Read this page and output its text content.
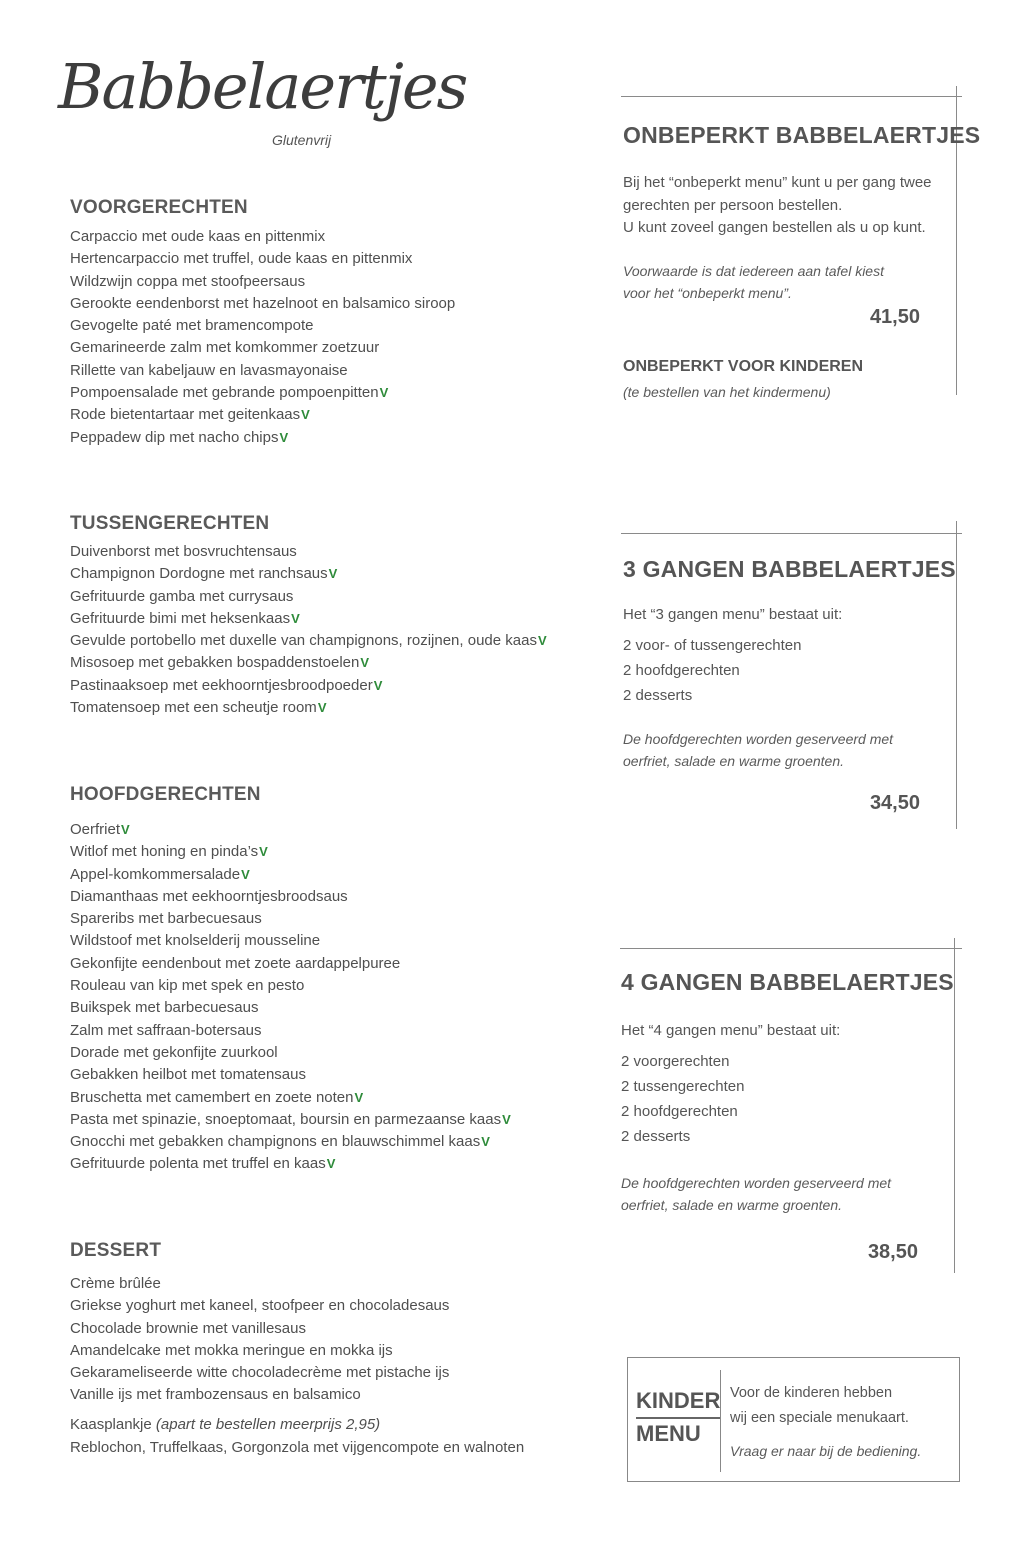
Babbelaertjes
Glutenvrij
VOORGERECHTEN
Carpaccio met oude kaas en pittenmix
Hertencarpaccio met truffel, oude kaas en pittenmix
Wildzwijn coppa met stoofpeersaus
Gerookte eendenborst met hazelnoot en balsamico siroop
Gevogelte paté met bramencompote
Gemarineerde zalm met komkommer zoetzuur
Rillette van kabeljauw en lavasmayonaise
Pompoensalade met gebrande pompoenpittenV
Rode bietentartaar met geitenkaasV
Peppadew dip met nacho chipsV
TUSSENGERECHTEN
Duivenborst met bosvruchtensaus
Champignon Dordogne met ranchsausV
Gefrituurde gamba met currysaus
Gefrituurde bimi met heksenkaasV
Gevulde portobello met duxelle van champignons, rozijnen, oude kaasV
Misosoep met gebakken bospaddenstoelenV
Pastinaaksoep met eekhoorntjesbroodpoederV
Tomatensoep met een scheutje roomV
HOOFDGERECHTEN
OerfrietV
Witlof met honing en pinda’sV
Appel-komkommersaladeV
Diamanthaas met eekhoorntjesbroodsaus
Spareribs met barbecuesaus
Wildstoof met knolselderij mousseline
Gekonfijte eendenbout met zoete aardappelpuree
Rouleau van kip met spek en pesto
Buikspek met barbecuesaus
Zalm met saffraan-botersaus
Dorade met gekonfijte zuurkool
Gebakken heilbot met tomatensaus
Bruschetta met camembert en zoete notenV
Pasta met spinazie, snoeptomaat, boursin en parmezaanse kaasV
Gnocchi met gebakken champignons en blauwschimmel kaasV
Gefrituurde polenta met truffel en kaasV
DESSERT
Crème brûlée
Griekse yoghurt met kaneel, stoofpeer en chocoladesaus
Chocolade brownie met vanillesaus
Amandelcake met mokka meringue en mokka ijs
Gekarameliseerde witte chocoladecrème met pistache ijs
Vanille ijs met frambozensaus en balsamico
Kaasplankje (apart te bestellen meerprijs 2,95)
Reblochon, Truffelkaas, Gorgonzola met vijgencompote en walnoten
ONBEPERKT BABBELAERTJES
Bij het “onbeperkt menu” kunt u per gang twee
gerechten per persoon bestellen.
U kunt zoveel gangen bestellen als u op kunt.
Voorwaarde is dat iedereen aan tafel kiest
voor het “onbeperkt menu”.
41,50
ONBEPERKT VOOR KINDEREN
(te bestellen van het kindermenu)
3 GANGEN BABBELAERTJES
Het “3 gangen menu” bestaat uit:
2 voor- of tussengerechten
2 hoofdgerechten
2 desserts
De hoofdgerechten worden geserveerd met
oerfriet, salade en warme groenten.
34,50
4 GANGEN BABBELAERTJES
Het “4 gangen menu” bestaat uit:
2 voorgerechten
2 tussengerechten
2 hoofdgerechten
2 desserts
De hoofdgerechten worden geserveerd met
oerfriet, salade en warme groenten.
38,50
KINDER
MENU
Voor de kinderen hebben
wij een speciale menukaart.
Vraag er naar bij de bediening.
